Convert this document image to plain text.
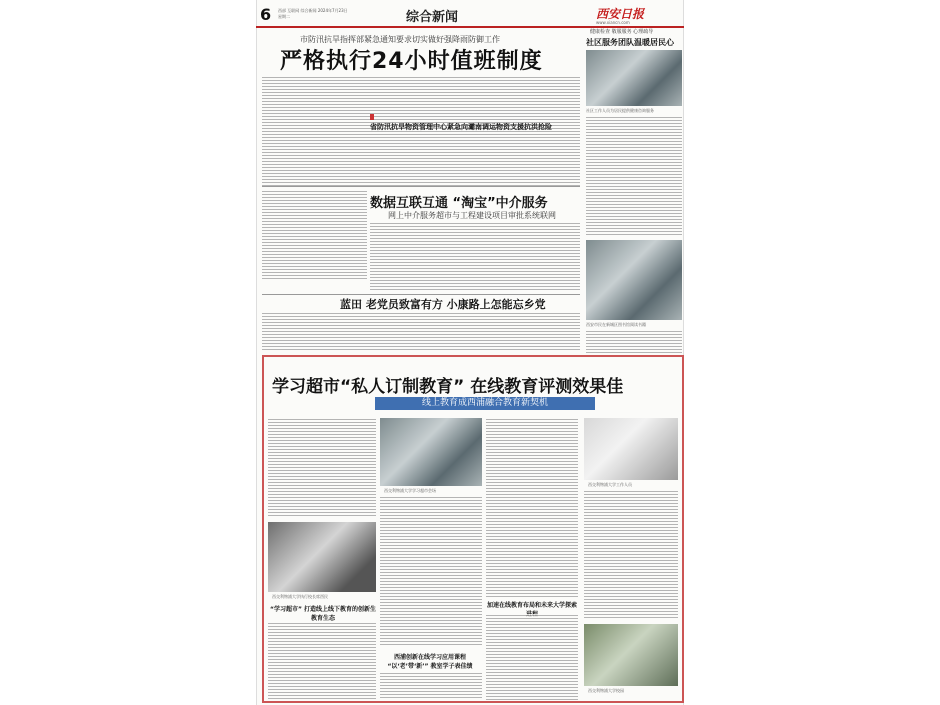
6 西部 互联网 综合新闻 2024年7月23日 星期二	综合新闻	西安日报
www.xiancn.com
市防汛抗旱指挥部紧急通知要求切实做好强降雨防御工作
严格执行24小时值班制度
健康检查 敬服服务 心理疏导
社区服务团队温暖居民心
社区工作人员为居民提供健康咨询服务
省防汛抗旱物资管理中心紧急向灞南调运物资支援抗洪抢险
数据互联互通 “淘宝”中介服务
网上中介服务超市与工程建设项目审批系统联网
西安市民在新城区图书馆阅读书籍
蓝田 老党员致富有方 小康路上怎能忘乡党
学习超市“私人订制教育” 在线教育评测效果佳
线上教育成西浦融合教育新契机
西交利物浦大学执行校长席酉民
“学习超市” 打造线上线下教育的创新生教育生态
西交利物浦大学学习超市会场
西浦创新在线学习应用课程 “以‘老’带‘新’” 教室学子表佳绩
加速在线教育布局和未来大学探索
西交利物浦大学工作人员
西交利物浦大学校园
